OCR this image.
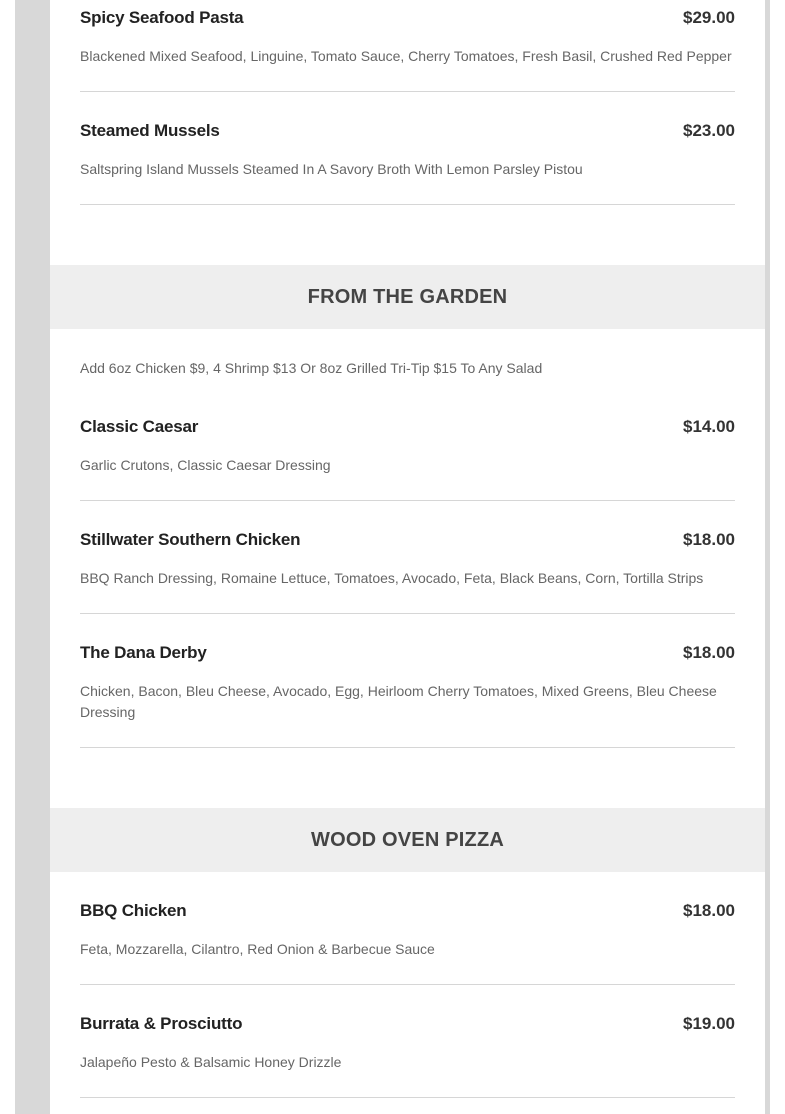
Spicy Seafood Pasta	$29.00
Blackened Mixed Seafood, Linguine, Tomato Sauce, Cherry Tomatoes, Fresh Basil, Crushed Red Pepper
Steamed Mussels	$23.00
Saltspring Island Mussels Steamed In A Savory Broth With Lemon Parsley Pistou
FROM THE GARDEN
Add 6oz Chicken $9, 4 Shrimp $13 Or 8oz Grilled Tri-Tip $15 To Any Salad
Classic Caesar	$14.00
Garlic Crutons, Classic Caesar Dressing
Stillwater Southern Chicken	$18.00
BBQ Ranch Dressing, Romaine Lettuce, Tomatoes, Avocado, Feta, Black Beans, Corn, Tortilla Strips
The Dana Derby	$18.00
Chicken, Bacon, Bleu Cheese, Avocado, Egg, Heirloom Cherry Tomatoes, Mixed Greens, Bleu Cheese Dressing
WOOD OVEN PIZZA
BBQ Chicken	$18.00
Feta, Mozzarella, Cilantro, Red Onion & Barbecue Sauce
Burrata & Prosciutto	$19.00
Jalapeño Pesto & Balsamic Honey Drizzle
